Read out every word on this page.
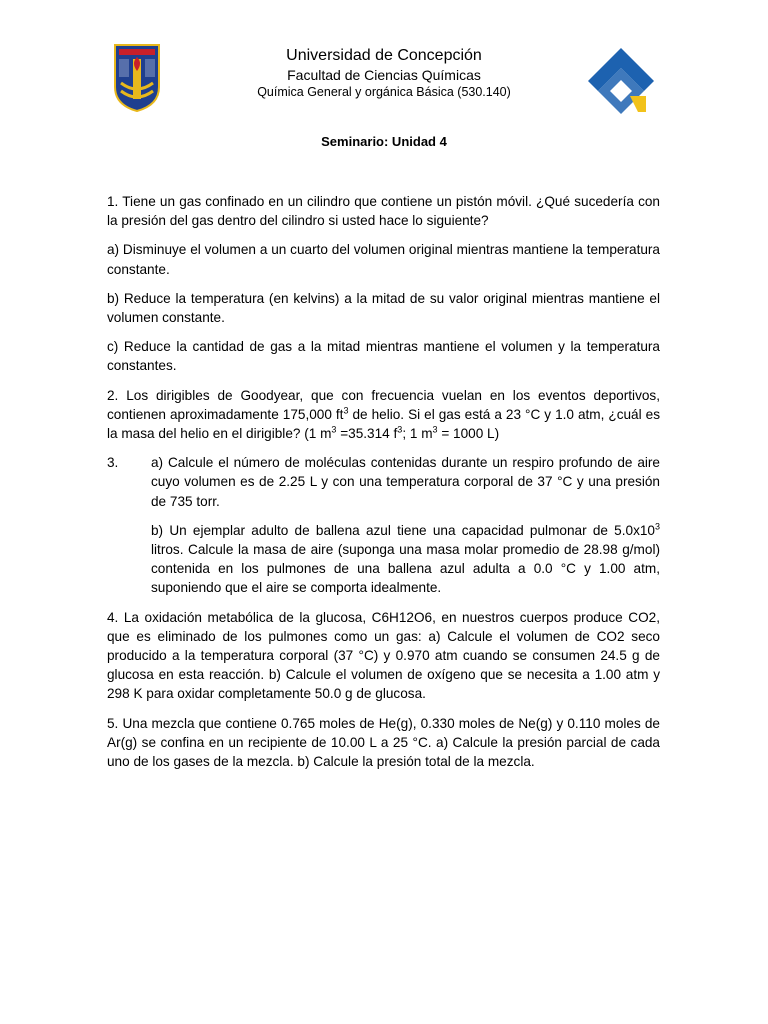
Universidad de Concepción
Facultad de Ciencias Químicas
Química General y orgánica Básica (530.140)
Seminario: Unidad 4

1. Tiene un gas confinado en un cilindro que contiene un pistón móvil. ¿Qué sucedería con la presión del gas dentro del cilindro si usted hace lo siguiente?

a) Disminuye el volumen a un cuarto del volumen original mientras mantiene la temperatura constante.

b) Reduce la temperatura (en kelvins) a la mitad de su valor original mientras mantiene el volumen constante.

c) Reduce la cantidad de gas a la mitad mientras mantiene el volumen y la temperatura constantes.

2. Los dirigibles de Goodyear, que con frecuencia vuelan en los eventos deportivos, contienen aproximadamente 175,000 $ft^3$ de helio. Si el gas está a 23 °C y 1.0 atm, ¿cuál es la masa del helio en el dirigible? (1 $m^3 =35.314$ $f^3$; 1 $m^3 = 1000$ L)

3.	a) Calcule el número de moléculas contenidas durante un respiro profundo de aire cuyo volumen es de 2.25 L y con una temperatura corporal de 37 °C y una presión de 735 torr.
b) Un ejemplar adulto de ballena azul tiene una capacidad pulmonar de $5.0x10^3$ litros. Calcule la masa de aire (suponga una masa molar promedio de 28.98 g/mol) contenida en los pulmones de una ballena azul adulta a 0.0 °C y 1.00 atm, suponiendo que el aire se comporta idealmente.

4. La oxidación metabólica de la glucosa, C6H12O6, en nuestros cuerpos produce CO2, que es eliminado de los pulmones como un gas: a) Calcule el volumen de CO2 seco producido a la temperatura corporal (37 °C) y 0.970 atm cuando se consumen 24.5 g de glucosa en esta reacción. b) Calcule el volumen de oxígeno que se necesita a 1.00 atm y 298 K para oxidar completamente 50.0 g de glucosa.

5. Una mezcla que contiene 0.765 moles de He(g), 0.330 moles de Ne(g) y 0.110 moles de Ar(g) se confina en un recipiente de 10.00 L a 25 °C. a) Calcule la presión parcial de cada uno de los gases de la mezcla. b) Calcule la presión total de la mezcla.
